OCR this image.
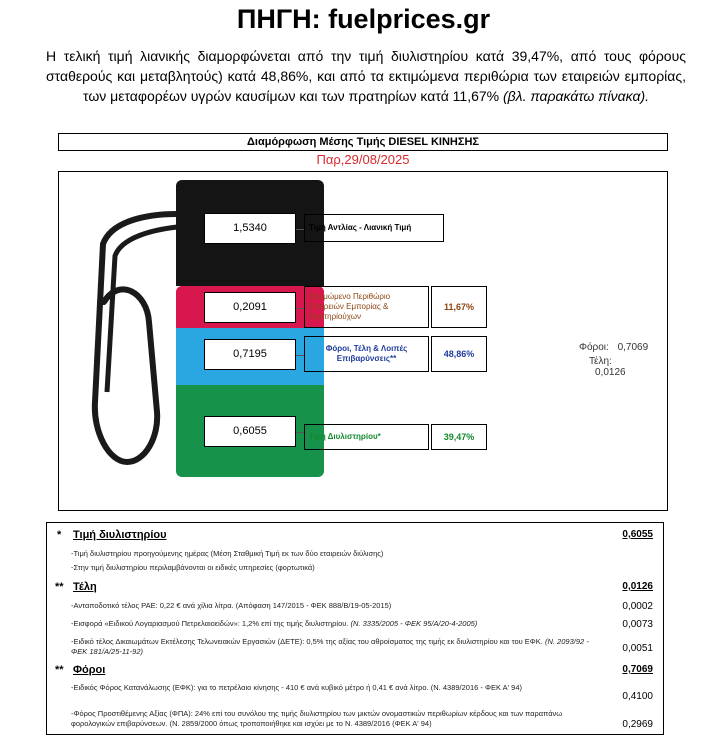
ΠΗΓΗ: fuelprices.gr
Η τελική τιμή λιανικής διαμορφώνεται από την τιμή διυλιστηρίου κατά 39,47%, από τους φόρους σταθερούς και μεταβλητούς) κατά 48,86%, και από τα εκτιμώμενα περιθώρια των εταιρειών εμπορίας, των μεταφορέων υγρών καυσίμων και των πρατηρίων κατά 11,67% (βλ. παρακάτω πίνακα).
Διαμόρφωση Μέσης Τιμής DIESEL ΚΙΝΗΣΗΣ
Παρ,29/08/2025
1,5340
0,2091
0,7195
0,6055
Τιμή Αντλίας - Λιανική Τιμή
Εκτιμώμενο Περιθώριο Εταιρειών Εμπορίας & Πρατηρίούχων
11,67%
Φόροι, Τέλη & Λοιπές Επιβαρύνσεις**	48,86%
Τιμή Διυλιστηρίου*	39,47%
Φόροι: 0,7069
Τέλη: 0,0126
* Τιμή διυλιστηρίου	0,6055
-Τιμή διυλιστηρίου προηγούμενης ημέρας (Μέση Σταθμική Τιμή εκ των δύο εταιρειών διύλισης)
-Στην τιμή διυλιστηρίου περιλαμβάνονται οι ειδικές υπηρεσίες (φορτωτικά)
** Τέλη	0,0126
-Ανταποδοτικό τέλος ΡΑΕ: 0,22 € ανά χίλια λίτρα. (Απόφαση 147/2015 - ΦΕΚ 888/Β/19-05-2015)	0,0002
-Εισφορά «Ειδικού Λογαριασμού Πετρελαιοειδών»: 1,2% επί της τιμής διυλιστηρίου. (Ν. 3335/2005 - ΦΕΚ 95/Α/20-4-2005)	0,0073
-Ειδικό τέλος Δικαιωμάτων Εκτέλεσης Τελωνειακών Εργασιών (ΔΕΤΕ): 0,5% της αξίας του αθροίσματος της τιμής εκ διυλιστηρίου και του ΕΦΚ. (Ν. 2093/92 - ΦΕΚ 181/Α/25-11-92)	0,0051
** Φόροι	0,7069
-Ειδικός Φόρος Κατανάλωσης (ΕΦΚ): για το πετρέλαιο κίνησης - 410 € ανά κυβικό μέτρο ή 0,41 € ανά λίτρο. (Ν. 4389/2016 - ΦΕΚ Α' 94)
0,4100
-Φόρος Προστιθέμενης Αξίας (ΦΠΑ): 24% επί του συνόλου της τιμής διυλιστηρίου των μικτών ονομαστικών περιθωρίων κέρδους και των παραπάνω φορολογικών επιβαρύνσεων. (Ν. 2859/2000 όπως τροποποιήθηκε και ισχύει με το Ν. 4389/2016 (ΦΕΚ Α' 94)	0,2969
